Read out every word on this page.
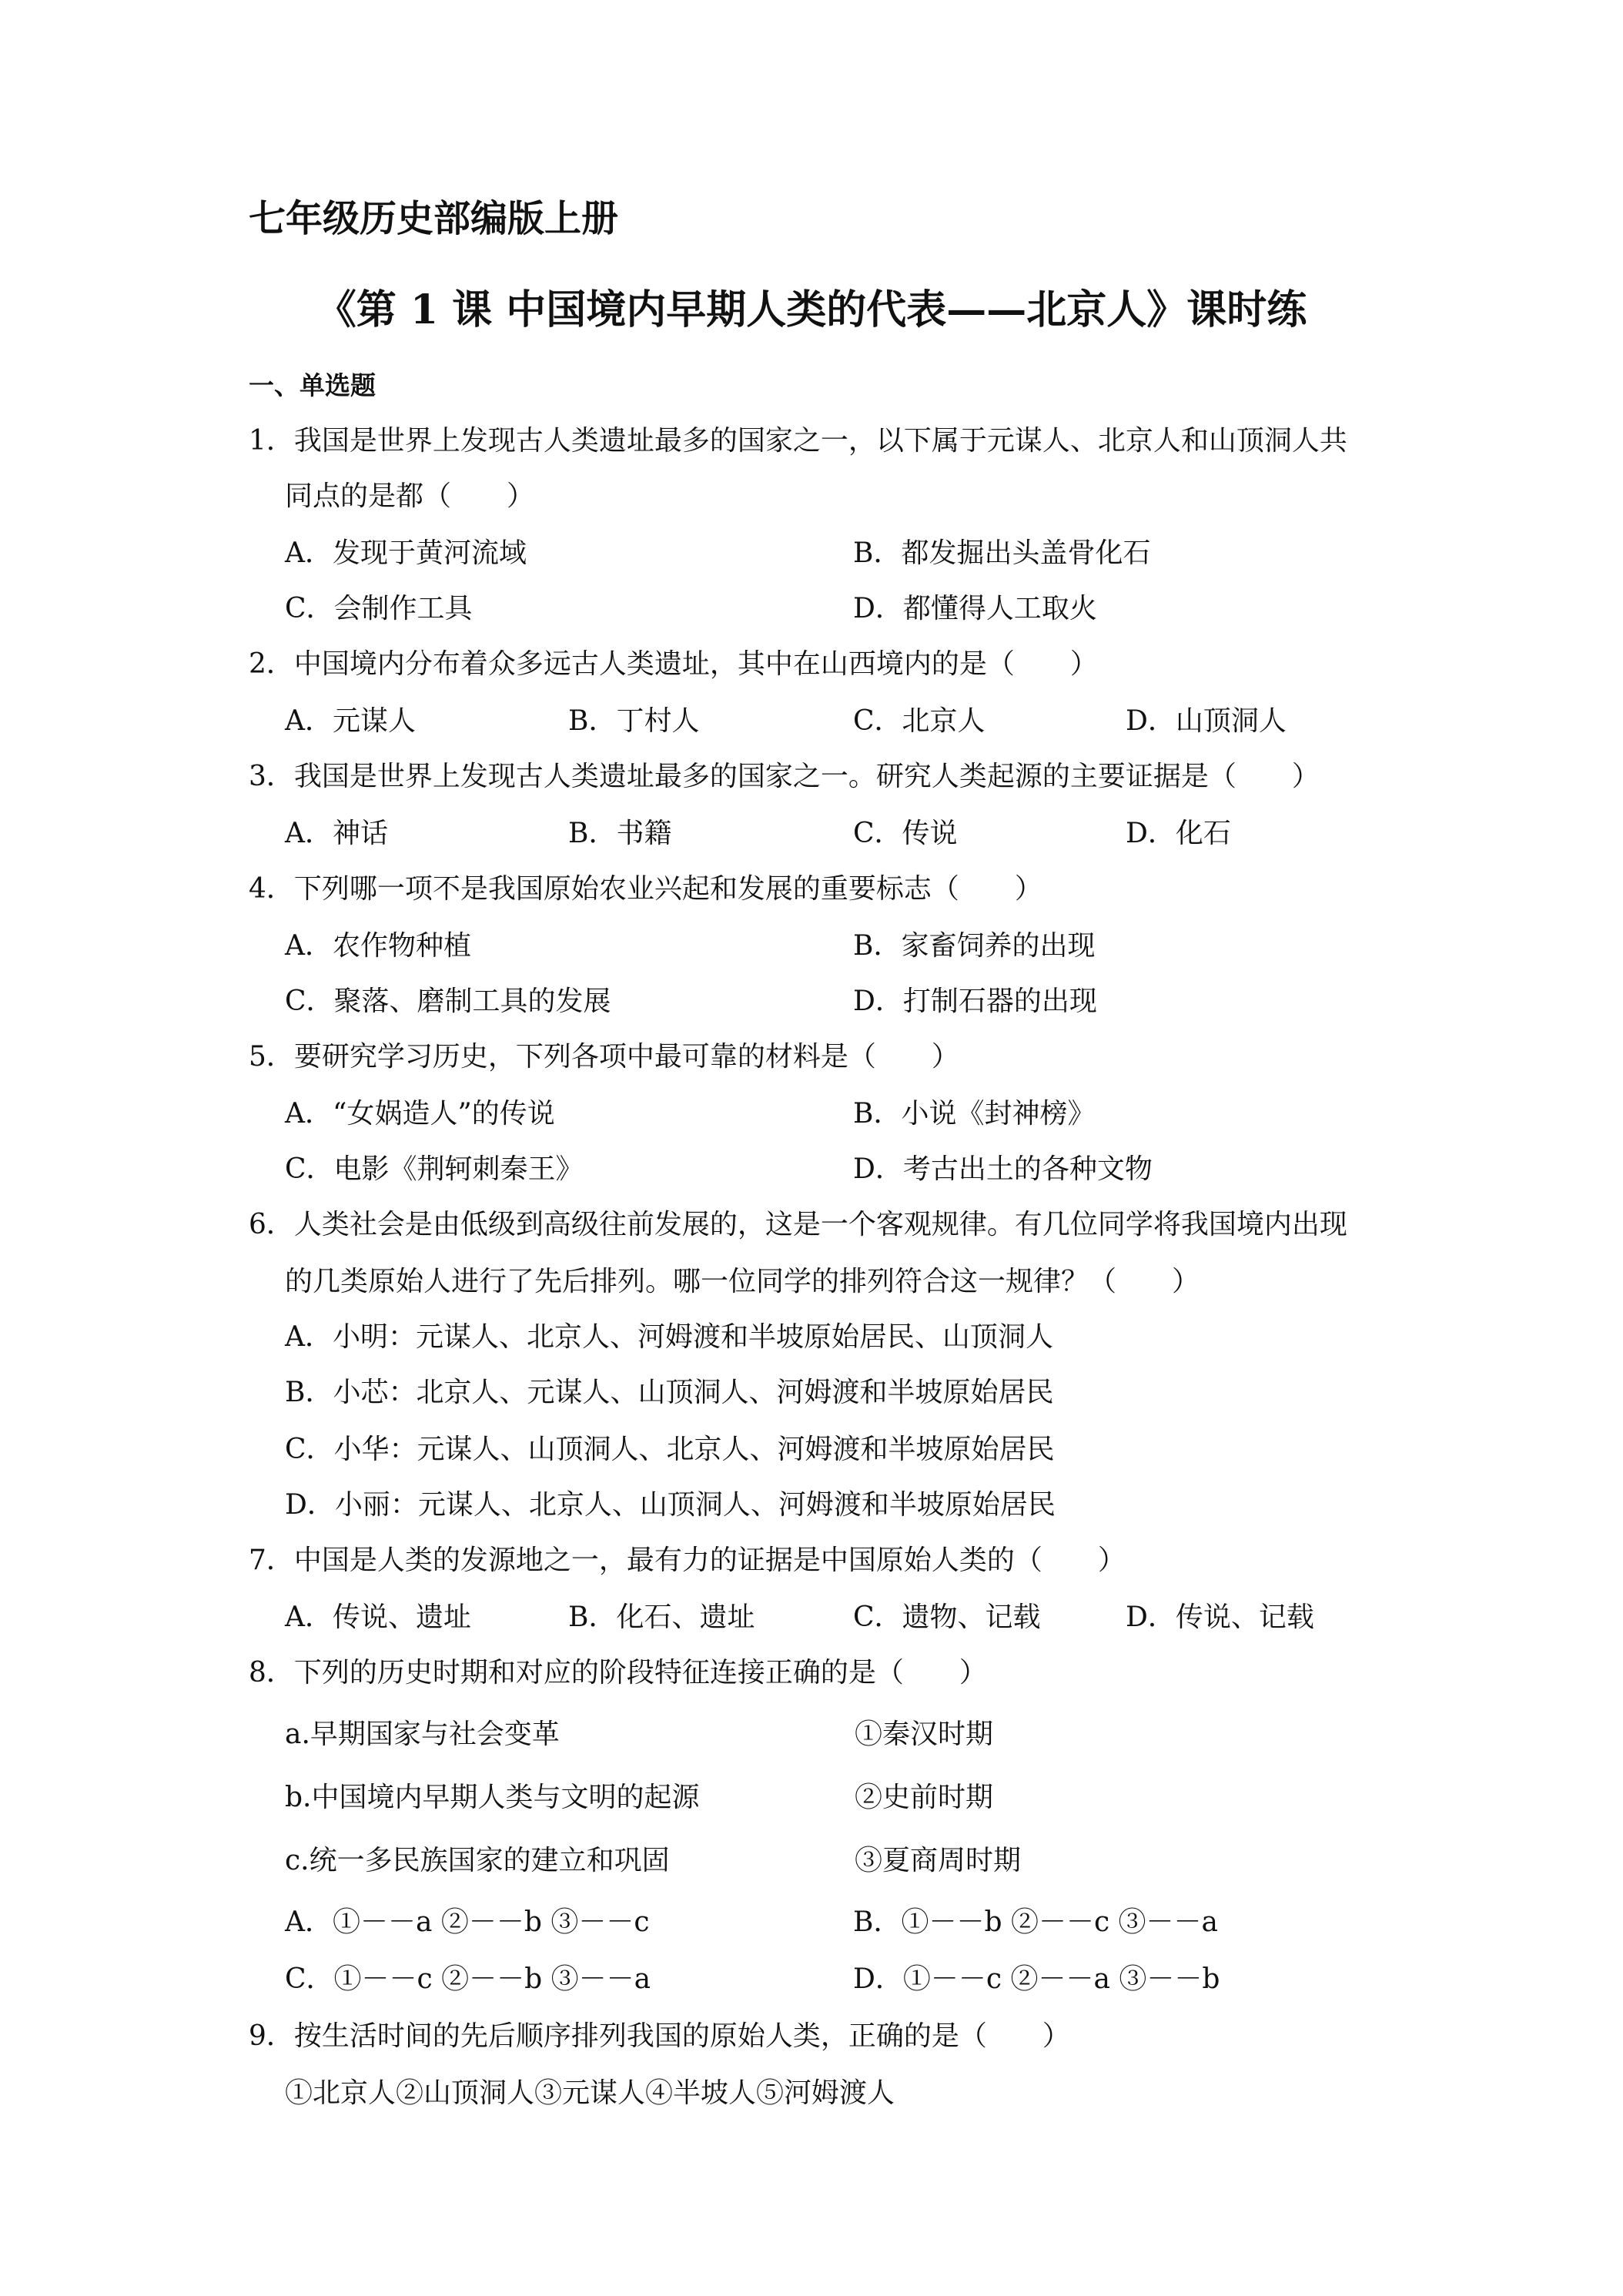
七年级历史部编版上册
《第 1 课 中国境内早期人类的代表——北京人》课时练
一、单选题
1．我国是世界上发现古人类遗址最多的国家之一，以下属于元谋人、北京人和山顶洞人共
同点的是都（　　）
A．发现于黄河流域	B．都发掘出头盖骨化石
C．会制作工具	D．都懂得人工取火
2．中国境内分布着众多远古人类遗址，其中在山西境内的是（　　）
A．元谋人	B．丁村人	C．北京人	D．山顶洞人
3．我国是世界上发现古人类遗址最多的国家之一。研究人类起源的主要证据是（　　）
A．神话	B．书籍	C．传说	D．化石
4．下列哪一项不是我国原始农业兴起和发展的重要标志（　　）
A．农作物种植	B．家畜饲养的出现
C．聚落、磨制工具的发展	D．打制石器的出现
5．要研究学习历史，下列各项中最可靠的材料是（　　）
A．“女娲造人”的传说	B．小说《封神榜》
C．电影《荆轲刺秦王》	D．考古出土的各种文物
6．人类社会是由低级到高级往前发展的，这是一个客观规律。有几位同学将我国境内出现
的几类原始人进行了先后排列。哪一位同学的排列符合这一规律？（　　）
A．小明：元谋人、北京人、河姆渡和半坡原始居民、山顶洞人
B．小芯：北京人、元谋人、山顶洞人、河姆渡和半坡原始居民
C．小华：元谋人、山顶洞人、北京人、河姆渡和半坡原始居民
D．小丽：元谋人、北京人、山顶洞人、河姆渡和半坡原始居民
7．中国是人类的发源地之一，最有力的证据是中国原始人类的（　　）
A．传说、遗址	B．化石、遗址	C．遗物、记载	D．传说、记载
8．下列的历史时期和对应的阶段特征连接正确的是（　　）
a.早期国家与社会变革	①秦汉时期
b.中国境内早期人类与文明的起源	②史前时期
c.统一多民族国家的建立和巩固	③夏商周时期
A．①－－a ②－－b ③－－c	B．①－－b ②－－c ③－－a
C．①－－c ②－－b ③－－a	D．①－－c ②－－a ③－－b
9．按生活时间的先后顺序排列我国的原始人类，正确的是（　　）
①北京人②山顶洞人③元谋人④半坡人⑤河姆渡人
